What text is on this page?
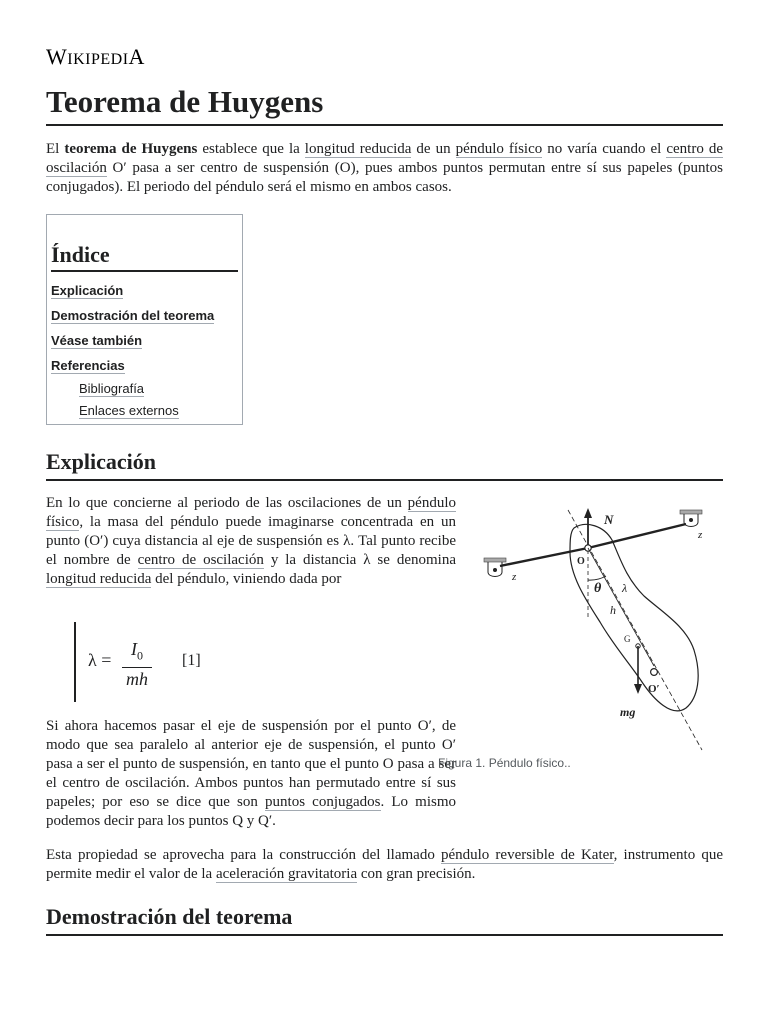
WIKIPEDIA
Teorema de Huygens

El teorema de Huygens establece que la longitud reducida de un péndulo físico no varía cuando el centro de oscilación O′ pasa a ser centro de suspensión (O), pues ambos puntos permutan entre sí sus papeles (puntos conjugados). El periodo del péndulo será el mismo en ambos casos.

Índice
Explicación
Demostración del teorema
Véase también
Referencias
Bibliografía
Enlaces externos
Explicación

En lo que concierne al periodo de las oscilaciones de un péndulo físico, la masa del péndulo puede imaginarse concentrada en un punto (O′) cuya distancia al eje de suspensión es λ. Tal punto recibe el nombre de centro de oscilación y la distancia λ se denomina longitud reducida del péndulo, viniendo dada por

$\lambda = \frac{I_0}{mh} [1]$

Si ahora hacemos pasar el eje de suspensión por el punto O′, de modo que sea paralelo al anterior eje de suspensión, el punto O′ pasa a ser el punto de suspensión, en tanto que el punto O pasa a ser el centro de oscilación. Ambos puntos han permutado entre sí sus papeles; por eso se dice que son puntos conjugados. Lo mismo podemos decir para los puntos Q y Q′.

Esta propiedad se aprovecha para la construcción del llamado péndulo reversible de Kater, instrumento que permite medir el valor de la aceleración gravitatoria con gran precisión.

Demostración del teorema
N
z
z
O
θ λ
h
G
O′
mg
Figura 1. Péndulo físico..
